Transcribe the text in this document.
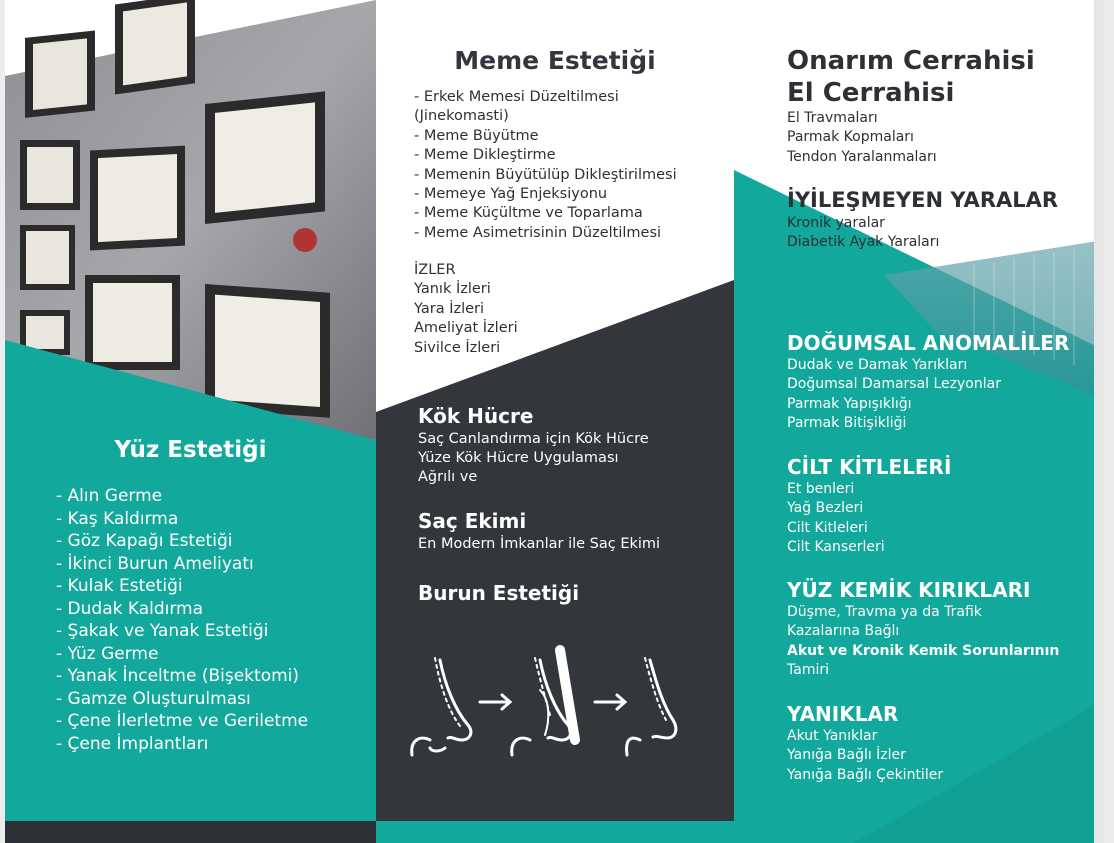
Yüz Estetiği
- Alın Germe
- Kaş Kaldırma
- Göz Kapağı Estetiği
- İkinci Burun Ameliyatı
- Kulak Estetiği
- Dudak Kaldırma
- Şakak ve Yanak Estetiği
- Yüz Germe
- Yanak İnceltme (Bişektomi)
- Gamze Oluşturulması
- Çene İlerletme ve Geriletme
- Çene İmplantları
Meme Estetiği
- Erkek Memesi Düzeltilmesi
(Jinekomasti)
- Meme Büyütme
- Meme Dikleştirme
- Memenin Büyütülüp Dikleştirilmesi
- Memeye Yağ Enjeksiyonu
- Meme Küçültme ve Toparlama
- Meme Asimetrisinin Düzeltilmesi
İZLER
Yanık İzleri
Yara İzleri
Ameliyat İzleri
Sivilce İzleri
Kök Hücre
Saç Canlandırma için Kök Hücre
Yüze Kök Hücre Uygulaması
Ağrılı ve
Saç Ekimi
En Modern İmkanlar ile Saç Ekimi
Burun Estetiği
Onarım Cerrahisi
El Cerrahisi
El Travmaları
Parmak Kopmaları
Tendon Yaralanmaları
İYİLEŞMEYEN YARALAR
Kronik yaralar
Diabetik Ayak Yaraları
DOĞUMSAL ANOMALİLER
Dudak ve Damak Yarıkları
Doğumsal Damarsal Lezyonlar
Parmak Yapışıklığı
Parmak Bitişikliği
CİLT KİTLELERİ
Et benleri
Yağ Bezleri
Cilt Kitleleri
Cilt Kanserleri
YÜZ KEMİK KIRIKLARI
Düşme, Travma ya da Trafik
Kazalarına Bağlı
Akut ve Kronik Kemik Sorunlarının
Tamiri
YANIKLAR
Akut Yanıklar
Yanığa Bağlı İzler
Yanığa Bağlı Çekintiler
